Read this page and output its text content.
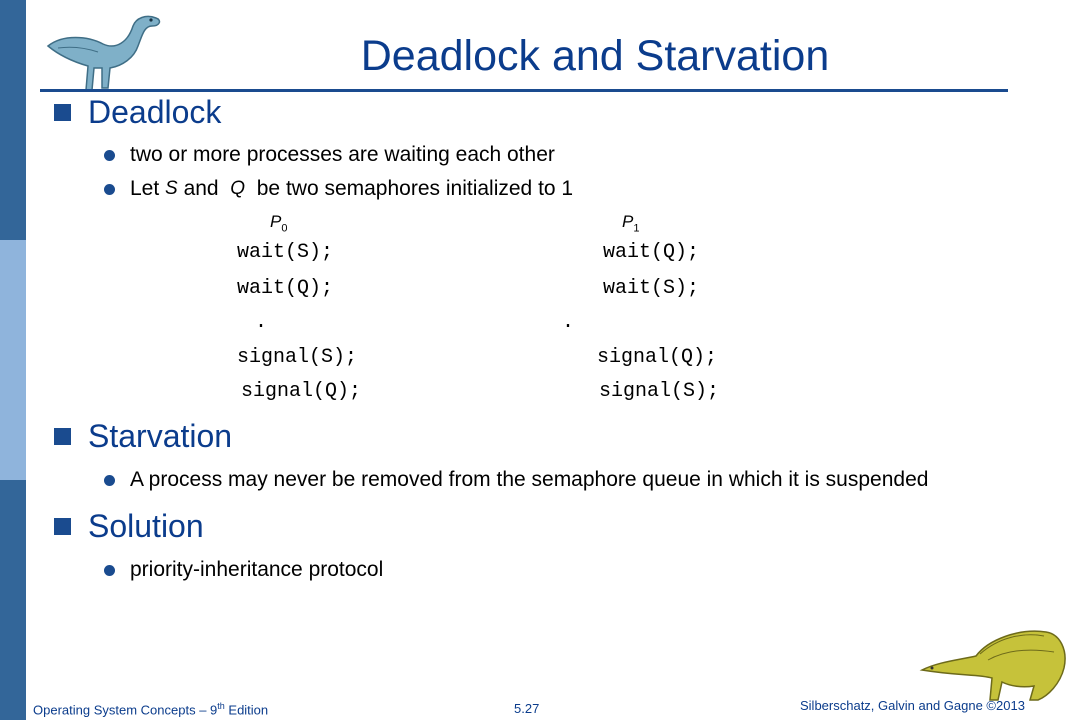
Deadlock and Starvation
Deadlock
two or more processes are waiting each other
Let
S
and
Q
be two semaphores initialized to 1
$P_0$
wait(S);
wait(Q);
.
signal(S);
signal(Q);
$P_1$
wait(Q);
wait(S);
.
signal(Q);
signal(S);
Starvation
A process may never be removed from the semaphore queue in which it is suspended
Solution
priority-inheritance protocol
Operating System Concepts – 9th Edition	5.27	Silberschatz, Galvin and Gagne ©2013
